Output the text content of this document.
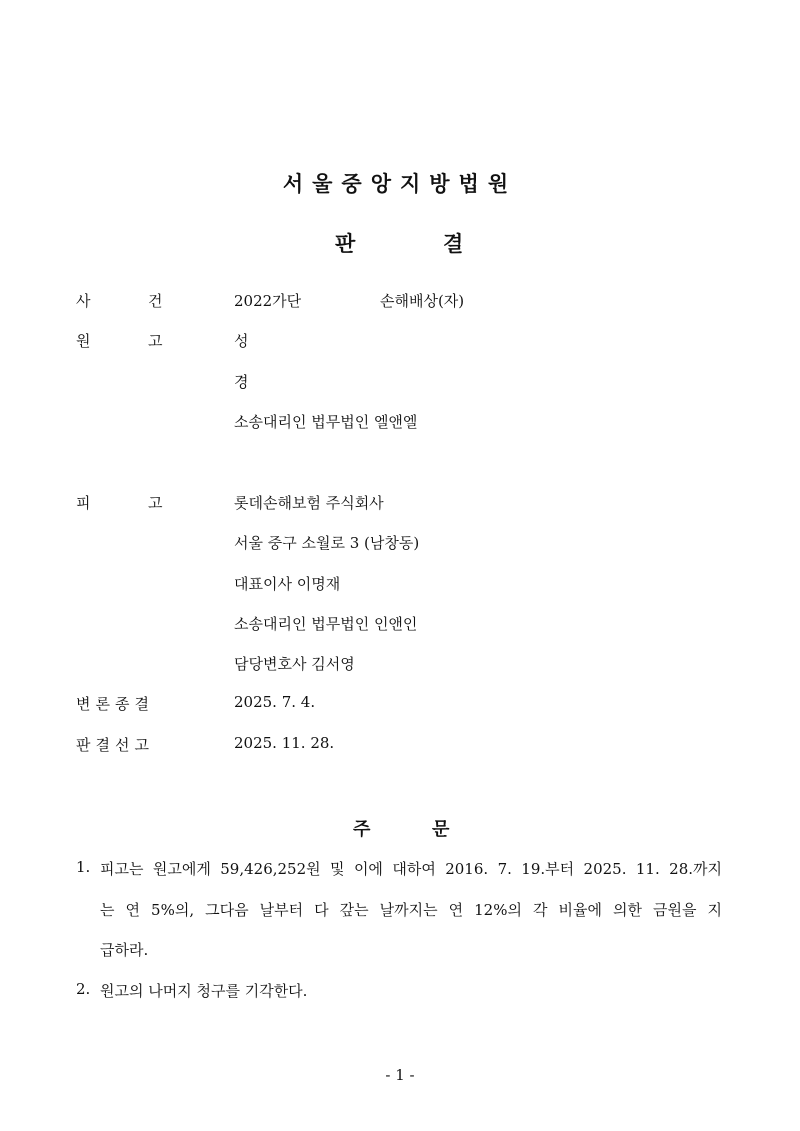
서울중앙지방법원
판	결
사	건	2022가단	손해배상(자)
원	고	성
경
소송대리인 법무법인 엘앤엘
피	고	롯데손해보험 주식회사
서울 중구 소월로 3 (남창동)
대표이사 이명재
소송대리인 법무법인 인앤인
담당변호사 김서영
변론종결	2025. 7. 4.
판결선고	2025. 11. 28.
주	문
1. 피고는 원고에게 59,426,252원 및 이에 대하여 2016. 7. 19.부터 2025. 11. 28.까지
는 연 5%의, 그다음 날부터 다 갚는 날까지는 연 12%의 각 비율에 의한 금원을 지
급하라.
2. 원고의 나머지 청구를 기각한다.
- 1 -
